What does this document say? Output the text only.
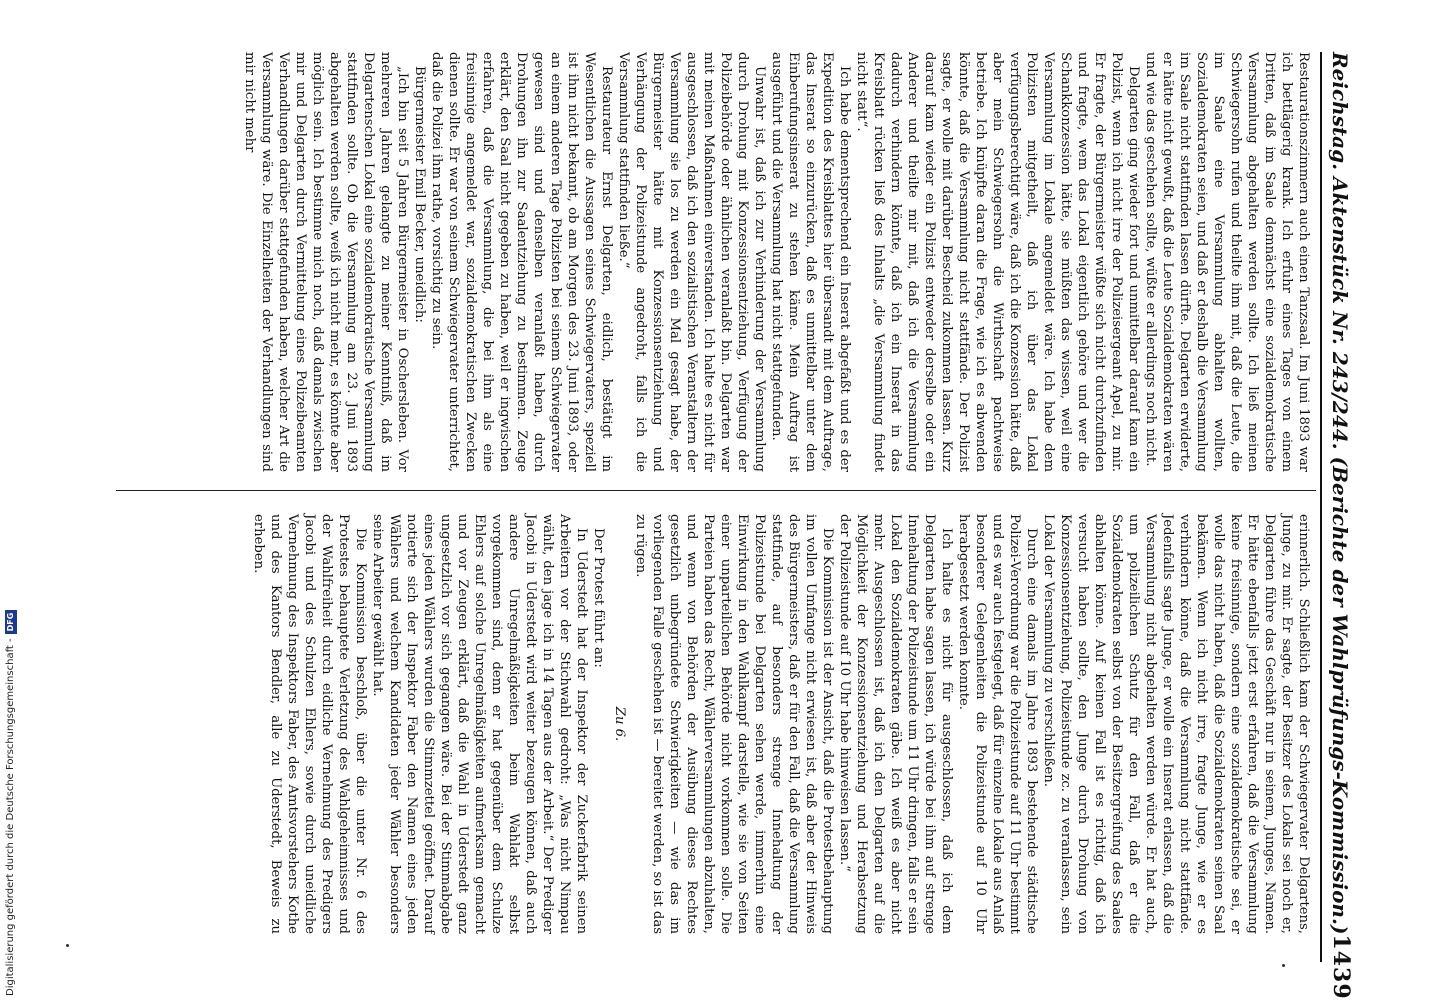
Reichstag. Aktenstück Nr. 243/244. (Berichte der Wahlprüfungs-Kommission.)
1439

Restaurationszimmern auch einen Tanzsaal. Im Juni 1893 war ich bettlägerig krank. Ich erfuhr eines Tages von einem Dritten, daß im Saale demnächst eine sozialdemokratische Versammlung abgehalten werden sollte. Ich ließ meinen Schwiegersohn rufen und theilte ihm mit, daß die Leute, die im Saale eine Versammlung abhalten wollten, Sozialdemokraten seien, und daß er deshalb die Versammlung im Saale nicht stattfinden lassen dürfte. Delgarten erwiderte, er hätte nicht gewußt, daß die Leute Sozialdemokraten wären und wie das geschehen sollte, wüßte er allerdings noch nicht.

Delgarten ging wieder fort und unmittelbar darauf kam ein Polizist, wenn ich nicht irre der Polizeisergeant Apel, zu mir. Er fragte, der Bürgermeister wüßte sich nicht durchzufinden und fragte, wem das Lokal eigentlich gehöre und wer die Schankkonzession hätte, sie müßten das wissen, weil eine Versammlung im Lokale angemeldet wäre. Ich habe dem Polizisten mitgetheilt, daß ich über das Lokal verfügungsberechtigt wäre, daß ich die Konzession hätte, daß aber mein Schwiegersohn die Wirthschaft pachtweise betriebe. Ich knüpfte daran die Frage, wie ich es abwenden könnte, daß die Versammlung nicht stattfände. Der Polizist sagte, er wolle mit darüber Bescheid zukommen lassen. Kurz darauf kam wieder ein Polizist entweder derselbe oder ein Anderer und theilte mir mit, daß ich die Versammlung dadurch verhindern könnte, daß ich ein Inserat in das Kreisblatt rücken ließ des Inhalts „die Versammlung findet nicht statt“.

Ich habe dementsprechend ein Inserat abgefaßt und es der Expedition des Kreisblattes hier übersandt mit dem Auftrage, das Inserat so einzurücken, daß es unmittelbar unter dem Einberufungsinserat zu stehen käme. Mein Auftrag ist ausgeführt und die Versammlung hat nicht stattgefunden.

Unwahr ist, daß ich zur Verhinderung der Versammlung durch Drohung mit Konzessionsentziehung, Verfügung der Polizeibehörde oder ähnlichen veranlaßt bin. Delgarten war mit meinen Maßnahmen einverstanden. Ich halte es nicht für ausgeschlossen, daß ich den sozialistischen Veranstaltern der Versammlung sie los zu werden ein Mal gesagt habe, der Bürgermeister hätte mit Konzessionsentziehung und Verhängung der Polizeistunde angedroht, falls ich die Versammlung stattfinden ließe.“

Restaurateur Ernst Delgarten, eidlich, bestätigt im Wesentlichen die Aussagen seines Schwiegervaters, speziell ist ihm nicht bekannt, ob am Morgen des 23. Juni 1893, oder an einem anderen Tage Polizisten bei seinem Schwiegervater gewesen sind und denselben veranlaßt haben, durch Drohungen ihn zur Saalentziehung zu bestimmen. Zeuge erklärt, den Saal nicht gegeben zu haben, weil er ingwischen erfahren, daß die Versammlung, die bei ihm als eine freisinnige angemeldet war, sozialdemokratischen Zwecken dienen sollte. Er war von seinem Schwiegervater unterrichtet, daß die Polizei ihm rathe, vorsichtig zu sein.

Bürgermeister Emil Becker, uneidlich:

„Ich bin seit 5 Jahren Bürgermeister in Oschersleben. Vor mehreren Jahren gelangte zu meiner Kenntniß, daß im Delgartenschen Lokal eine sozialdemokratische Versammlung stattfinden sollte. Ob die Versammlung am 23. Juni 1893 abgehalten werden sollte, weiß ich nicht mehr, es könnte aber möglich sein. Ich bestimme mich noch, daß damals zwischen mir und Delgarten durch Vermittelung eines Polizeibeamten Verhandlungen darüber stattgefunden haben, welcher Art die Versammlung wäre. Die Einzelheiten der Verhandlungen sind mir nicht mehr

erinnerlich. Schließlich kam der Schwiegervater Delgartens, Junge, zu mir. Er sagte, der Besitzer des Lokals sei noch er, Delgarten führe das Geschäft nur in seinem, Junges, Namen. Er hätte ebenfalls jetzt erst erfahren, daß die Versammlung keine freisinnige, sondern eine sozialdemokratische sei, er wolle das nicht haben, daß die Sozialdemokraten seinen Saal bekämen. Wenn ich nicht irre, fragte Junge, wie er es verhindern könne, daß die Versammlung nicht stattfände. Jedenfalls sagte Junge, er wolle ein Inserat erlassen, daß die Versammlung nicht abgehalten werden würde. Er hat auch, um polizeilichen Schutz für den Fall, daß er die Sozialdemokraten selbst von der Besitzergreifung des Saales abhalten könne. Auf keinen Fall ist es richtig, daß ich versucht haben sollte, den Junge durch Drohung von Konzessionsentziehung, Polizeistunde zc. zu veranlassen, sein Lokal der Versammlung zu verschließen.

Durch eine damals im Jahre 1893 bestehende städtische Polizei-Verordnung war die Polizeistunde auf 11 Uhr bestimmt und es war auch festgelegt, daß für einzelne Lokale aus Anlaß besonderer Gelegenheiten die Polizeistunde auf 10 Uhr herabgesetzt werden konnte.

Ich halte es nicht für ausgeschlossen, daß ich dem Delgarten habe sagen lassen, ich würde bei ihm auf strenge Innehaltung der Polizeistunde um 11 Uhr dringen, falls er sein Lokal den Sozialdemokraten gäbe. Ich weiß es aber nicht mehr. Ausgeschlossen ist, daß ich den Delgarten auf die Möglichkeit der Konzessionsentziehung und Herabsetzung der Polizeistunde auf 10 Uhr habe hinweisen lassen.“

Die Kommission ist der Ansicht, daß die Protestbehauptung im vollen Umfange nicht erwiesen ist, daß aber der Hinweis des Bürgermeisters, daß er für den Fall, daß die Versammlung stattfinde, auf besonders strenge Innehaltung der Polizeistunde bei Delgarten sehen werde, immerhin eine Einwirkung in den Wahlkampf darstelle, wie sie von Seiten einer unparteilichen Behörde nicht vorkommen solle. Die Parteien haben das Recht, Wählerversammlungen abzuhalten, und wenn von Behörden der Ausübung dieses Rechtes gesetzlich unbegründete Schwierigkeiten — wie das im vorliegenden Falle geschehen ist — bereitet werden, so ist das zu rügen.

Zu 6.

Der Protest führt an:

In Uderstedt hat der Inspektor der Zuckerfabrik seinen Arbeitern vor der Stichwahl gedroht: „Was nicht Nimpau wählt, den jage ich in 14 Tagen aus der Arbeit.“ Der Prediger Jacobi in Uderstedt wird weiter bezeugen können, daß auch andere Unregelmäßigkeiten beim Wahlakt selbst vorgekommen sind, denn er hat gegenüber dem Schulze Ehlers auf solche Unregelmäßigkeiten aufmerksam gemacht und vor Zeugen erklärt, daß die Wahl in Uderstedt ganz ungesetzlich vor sich gegangen wäre. Bei der Stimmabgabe eines jeden Wählers wurden die Stimmzettel geöffnet. Darauf notierte sich der Inspektor Faber den Namen eines jeden Wählers und welchem Kandidaten jeder Wähler besonders seine Arbeiter gewählt hat.

Die Kommission beschloß, über die unter Nr. 6 des Protestes behauptete Verletzung des Wahlgeheimnisses und der Wahlfreiheit durch eidliche Vernehmung des Predigers Jacobi und des Schulzen Ehlers, sowie durch uneidliche Vernehmung des Inspektors Faber, des Amtsvorstehers Kothe und des Kantors Bendler, alle zu Uderstedt, Beweis zu erheben.

Digitalisierung gefördert durch die Deutsche Forschungsgemeinschaft -
DFG
